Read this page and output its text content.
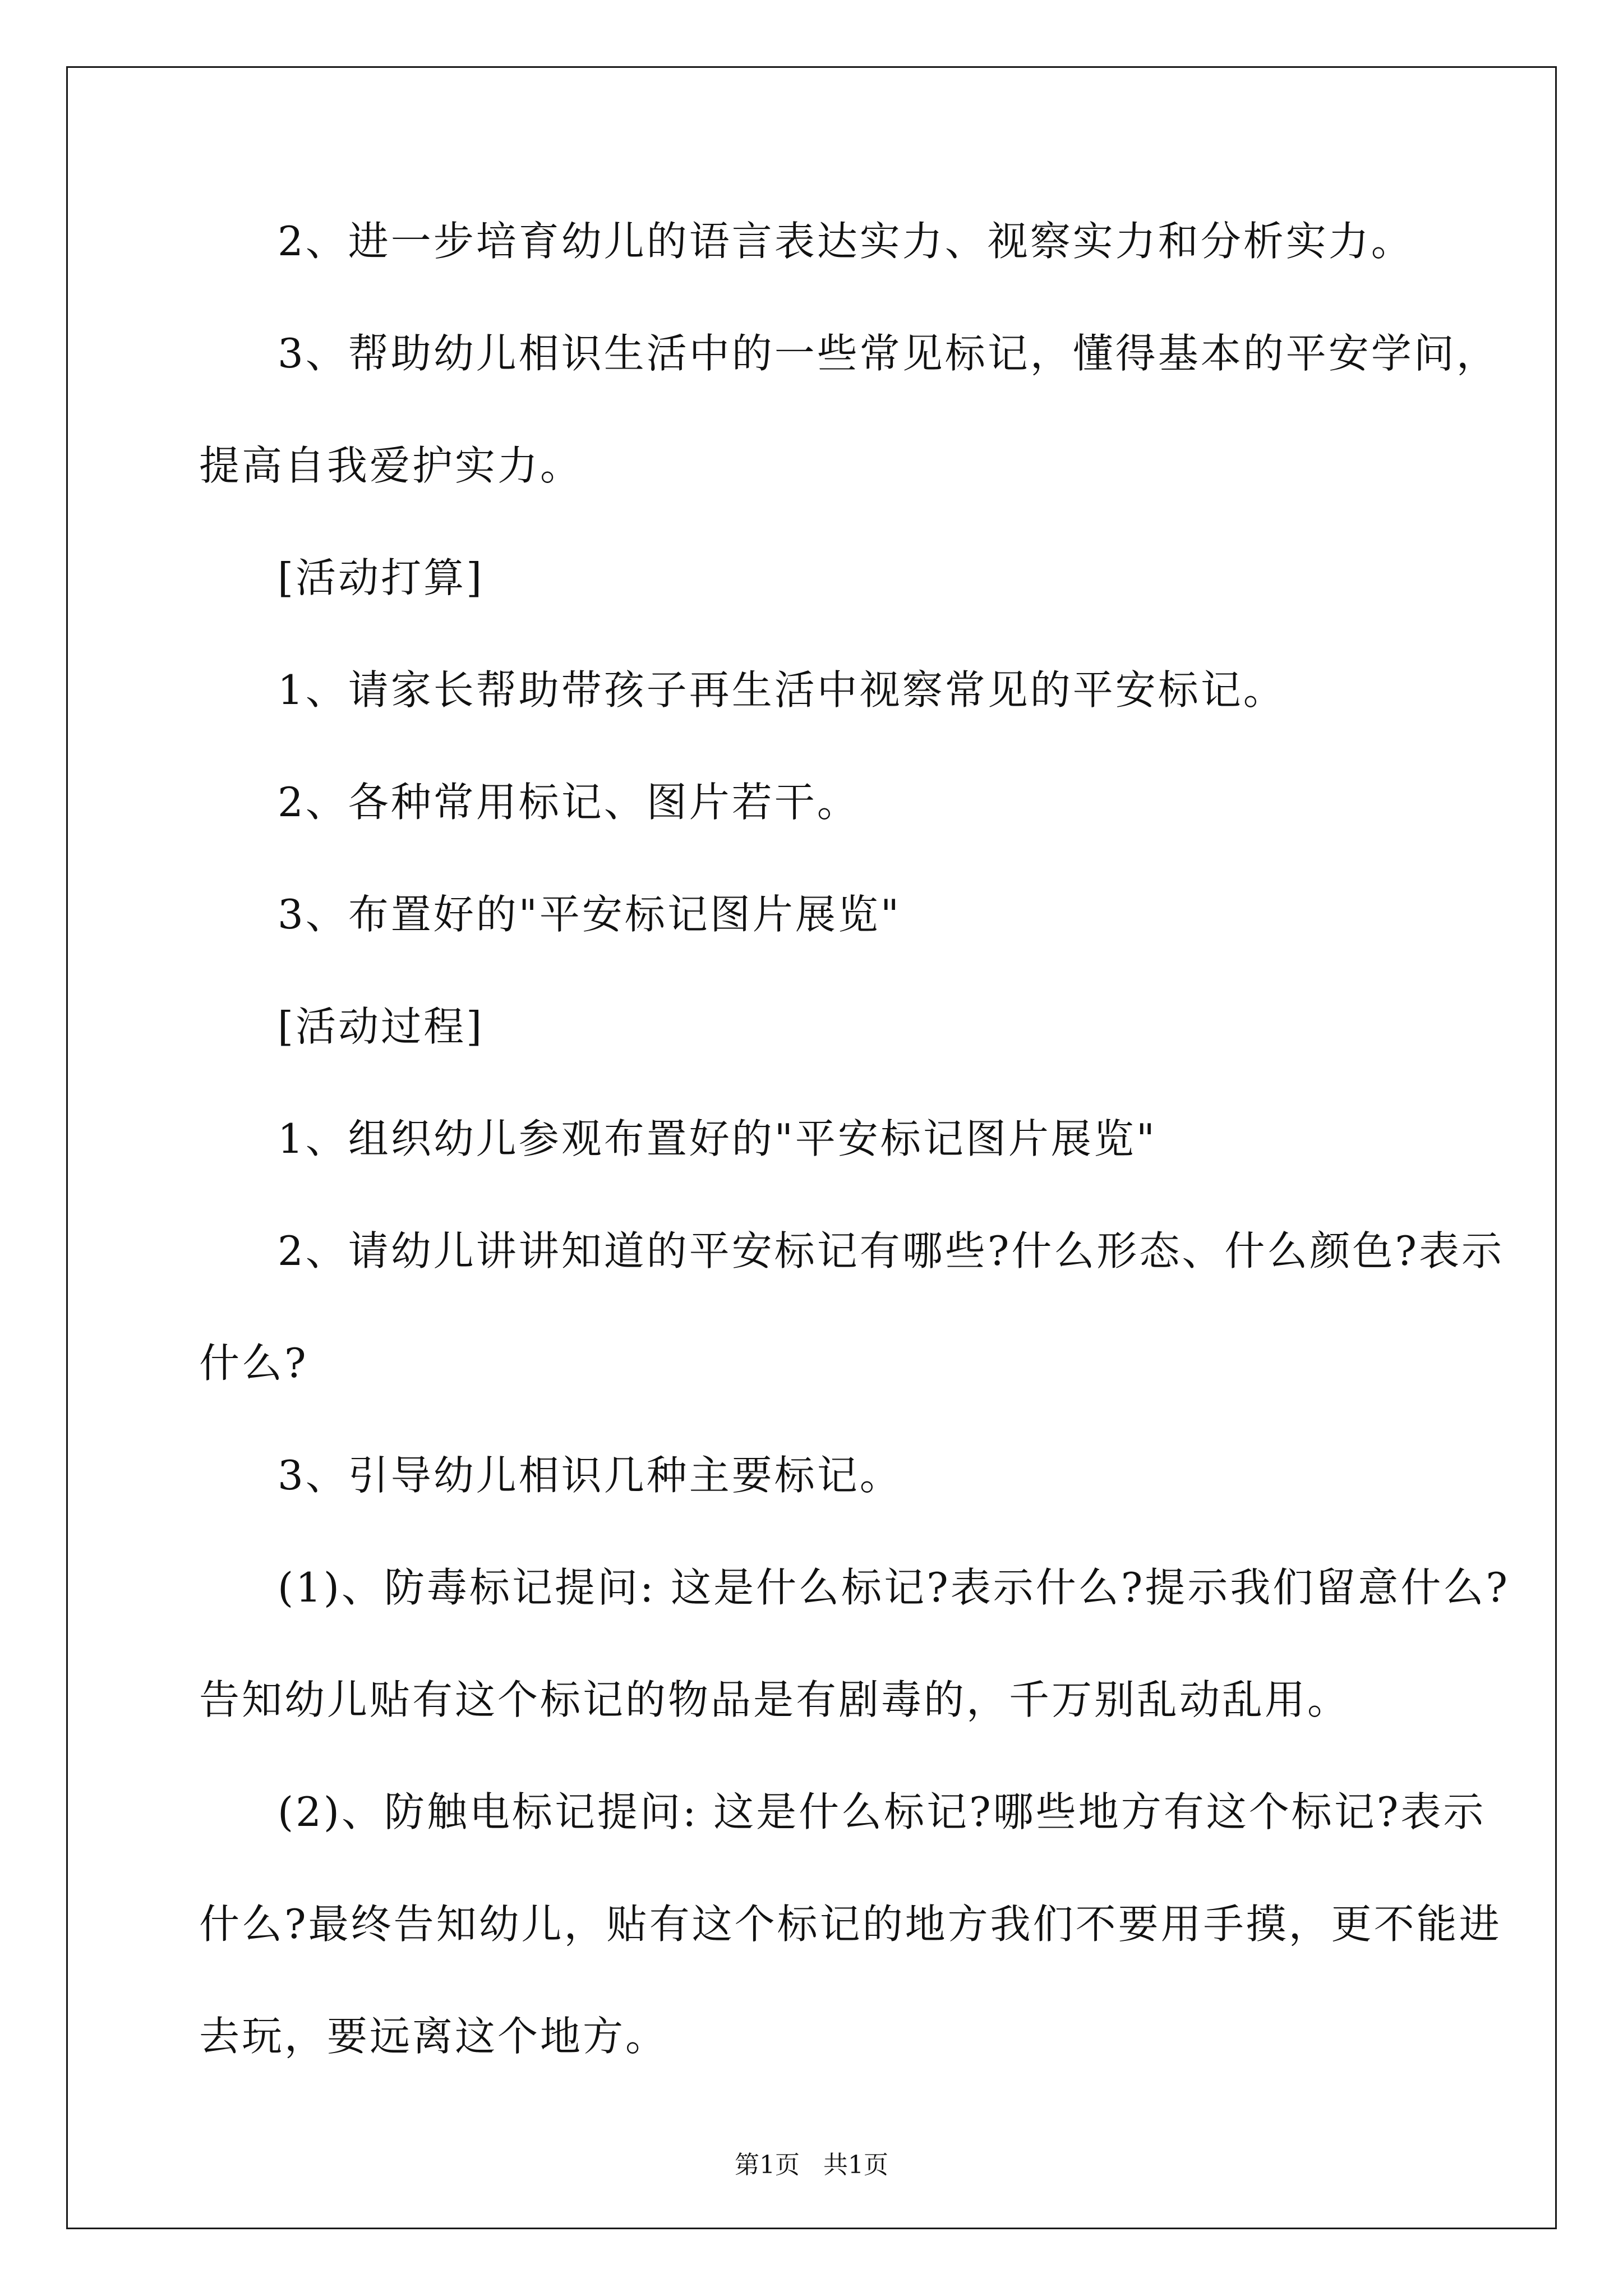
2、进一步培育幼儿的语言表达实力、视察实力和分析实力。
3、帮助幼儿相识生活中的一些常见标记，懂得基本的平安学问，
提高自我爱护实力。
[活动打算]
1、请家长帮助带孩子再生活中视察常见的平安标记。
2、各种常用标记、图片若干。
3、布置好的"平安标记图片展览"
[活动过程]
1、组织幼儿参观布置好的"平安标记图片展览"
2、请幼儿讲讲知道的平安标记有哪些?什么形态、什么颜色?表示
什么?
3、引导幼儿相识几种主要标记。
(1)、防毒标记提问: 这是什么标记?表示什么?提示我们留意什么?
告知幼儿贴有这个标记的物品是有剧毒的，千万别乱动乱用。
(2)、防触电标记提问: 这是什么标记?哪些地方有这个标记?表示
什么?最终告知幼儿，贴有这个标记的地方我们不要用手摸，更不能进
去玩，要远离这个地方。
第1页   共1页
